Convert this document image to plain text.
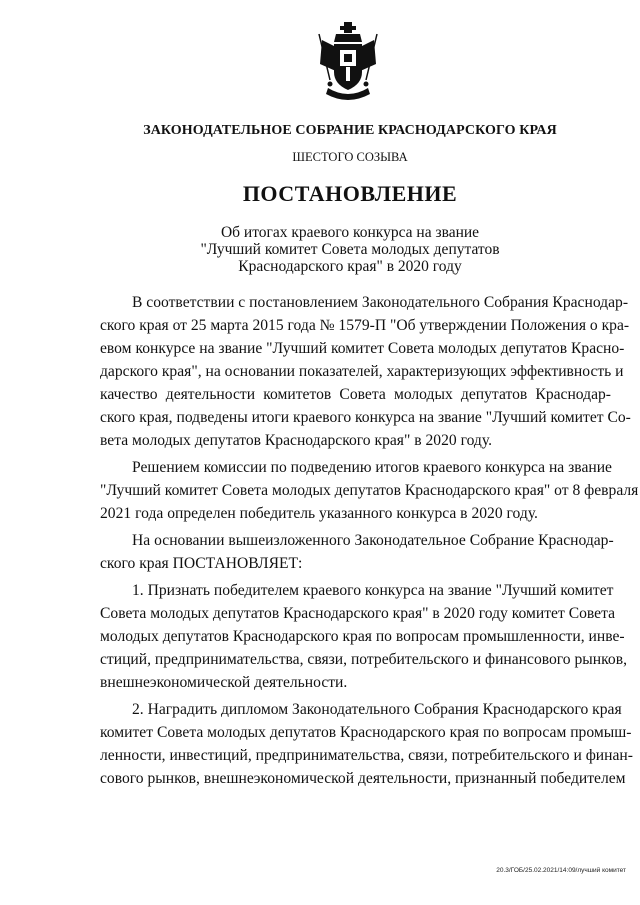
ЗАКОНОДАТЕЛЬНОЕ СОБРАНИЕ КРАСНОДАРСКОГО КРАЯ
ШЕСТОГО СОЗЫВА
ПОСТАНОВЛЕНИЕ
Об итогах краевого конкурса на звание
"Лучший комитет Совета молодых депутатов
Краснодарского края" в 2020 году
В соответствии с постановлением Законодательного Собрания Краснодар-
ского края от 25 марта 2015 года № 1579-П "Об утверждении Положения о кра-
евом конкурсе на звание "Лучший комитет Совета молодых депутатов Красно-
дарского края", на основании показателей, характеризующих эффективность и
качество деятельности комитетов Совета молодых депутатов Краснодар-
ского края, подведены итоги краевого конкурса на звание "Лучший комитет Со-
вета молодых депутатов Краснодарского края" в 2020 году.
Решением комиссии по подведению итогов краевого конкурса на звание
"Лучший комитет Совета молодых депутатов Краснодарского края" от 8 февраля
2021 года определен победитель указанного конкурса в 2020 году.
На основании вышеизложенного Законодательное Собрание Краснодар-
ского края ПОСТАНОВЛЯЕТ:
1. Признать победителем краевого конкурса на звание "Лучший комитет
Совета молодых депутатов Краснодарского края" в 2020 году комитет Совета
молодых депутатов Краснодарского края по вопросам промышленности, инве-
стиций, предпринимательства, связи, потребительского и финансового рынков,
внешнеэкономической деятельности.
2. Наградить дипломом Законодательного Собрания Краснодарского края
комитет Совета молодых депутатов Краснодарского края по вопросам промыш-
ленности, инвестиций, предпринимательства, связи, потребительского и финан-
сового рынков, внешнеэкономической деятельности, признанный победителем
20.3/ГОБ/25.02.2021/14:09/лучший комитет
